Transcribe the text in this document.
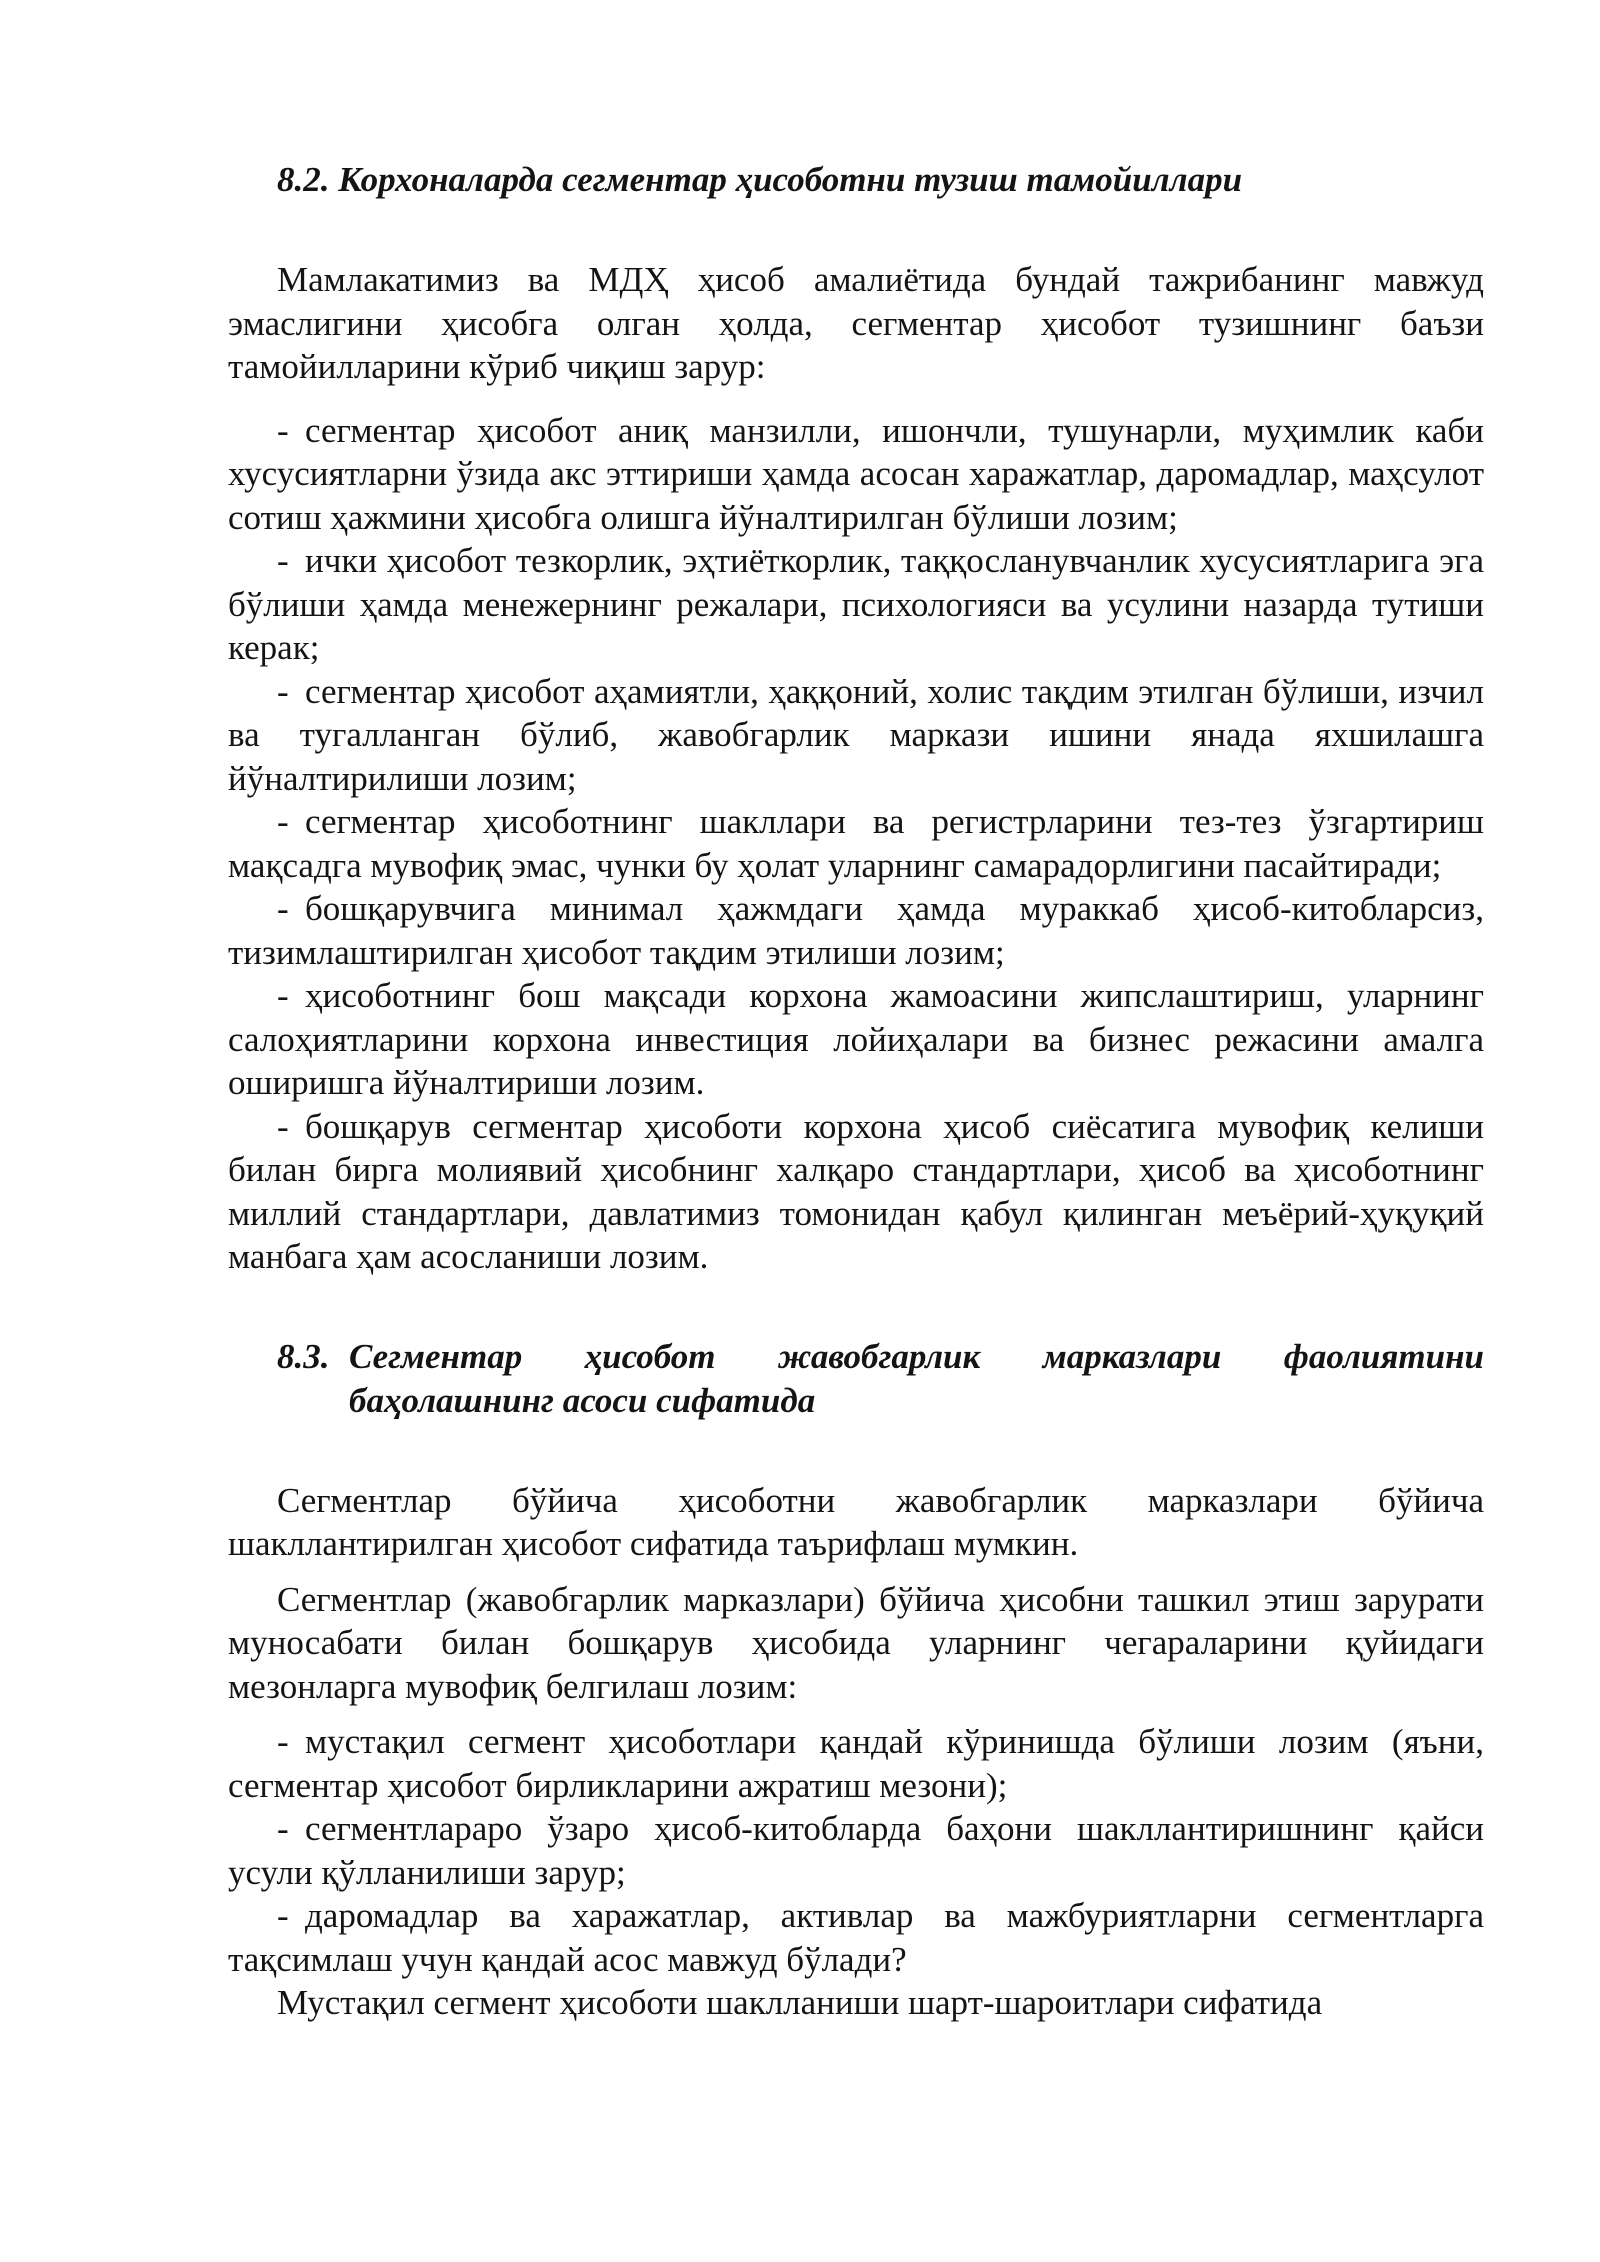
8.2. Корхоналарда сегментар ҳисоботни тузиш тамойиллари

Мамлакатимиз ва МДҲ ҳисоб амалиётида бундай тажрибанинг мавжуд эмаслигини ҳисобга олган ҳолда, сегментар ҳисобот тузишнинг баъзи тамойилларини кўриб чиқиш зарур:

- сегментар ҳисобот аниқ манзилли, ишончли, тушунарли, муҳимлик каби хусусиятларни ўзида акс эттириши ҳамда асосан харажатлар, даромадлар, маҳсулот сотиш ҳажмини ҳисобга олишга йўналтирилган бўлиши лозим;

- ички ҳисобот тезкорлик, эҳтиёткорлик, таққосланувчанлик хусусиятларига эга бўлиши ҳамда менежернинг режалари, психологияси ва усулини назарда тутиши керак;

- сегментар ҳисобот аҳамиятли, ҳаққоний, холис тақдим этилган бўлиши, изчил ва тугалланган бўлиб, жавобгарлик маркази ишини янада яхшилашга йўналтирилиши лозим;

- сегментар ҳисоботнинг шакллари ва регистрларини тез-тез ўзгартириш мақсадга мувофиқ эмас, чунки бу ҳолат уларнинг самарадорлигини пасайтиради;

- бошқарувчига минимал ҳажмдаги ҳамда мураккаб ҳисоб-китобларсиз, тизимлаштирилган ҳисобот тақдим этилиши лозим;

- ҳисоботнинг бош мақсади корхона жамоасини жипслаштириш, уларнинг салоҳиятларини корхона инвестиция лойиҳалари ва бизнес режасини амалга оширишга йўналтириши лозим.

- бошқарув сегментар ҳисоботи корхона ҳисоб сиёсатига мувофиқ келиши билан бирга молиявий ҳисобнинг халқаро стандартлари, ҳисоб ва ҳисоботнинг миллий стандартлари, давлатимиз томонидан қабул қилинган меъёрий-ҳуқуқий манбага ҳам асосланиши лозим.

8.3. Сегментар ҳисобот жавобгарлик марказлари фаолиятини
баҳолашнинг асоси сифатида

Сегментлар бўйича ҳисоботни жавобгарлик марказлари бўйича шакллантирилган ҳисобот сифатида таърифлаш мумкин.

Сегментлар (жавобгарлик марказлари) бўйича ҳисобни ташкил этиш зарурати муносабати билан бошқарув ҳисобида уларнинг чегараларини қуйидаги мезонларга мувофиқ белгилаш лозим:

- мустақил сегмент ҳисоботлари қандай кўринишда бўлиши лозим (яъни, сегментар ҳисобот бирликларини ажратиш мезони);

- сегментлараро ўзаро ҳисоб-китобларда баҳони шакллантиришнинг қайси усули қўлланилиши зарур;

- даромадлар ва харажатлар, активлар ва мажбуриятларни сегментларга тақсимлаш учун қандай асос мавжуд бўлади?

Мустақил сегмент ҳисоботи шаклланиши шарт-шароитлари сифатида
